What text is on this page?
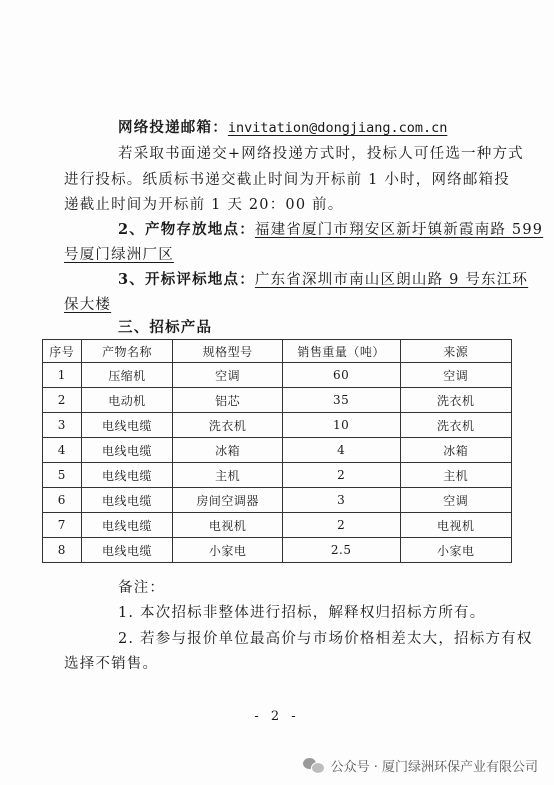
网络投递邮箱：invitation@dongjiang.com.cn
若采取书面递交+网络投递方式时，投标人可任选一种方式
进行投标。纸质标书递交截止时间为开标前 1 小时，网络邮箱投
递截止时间为开标前 1 天 20：00 前。
2、产物存放地点：福建省厦门市翔安区新圩镇新霞南路 599
号厦门绿洲厂区
3、开标评标地点：广东省深圳市南山区朗山路 9 号东江环
保大楼
三、招标产品
序号	产物名称	规格型号	销售重量（吨）	来源
1	压缩机	空调	60	空调
2	电动机	铝芯	35	洗衣机
3	电线电缆	洗衣机	10	洗衣机
4	电线电缆	冰箱	4	冰箱
5	电线电缆	主机	2	主机
6	电线电缆	房间空调器	3	空调
7	电线电缆	电视机	2	电视机
8	电线电缆	小家电	2.5	小家电
备注：
1. 本次招标非整体进行招标，解释权归招标方所有。
2. 若参与报价单位最高价与市场价格相差太大，招标方有权
选择不销售。
- 2 -
公众号 · 厦门绿洲环保产业有限公司
